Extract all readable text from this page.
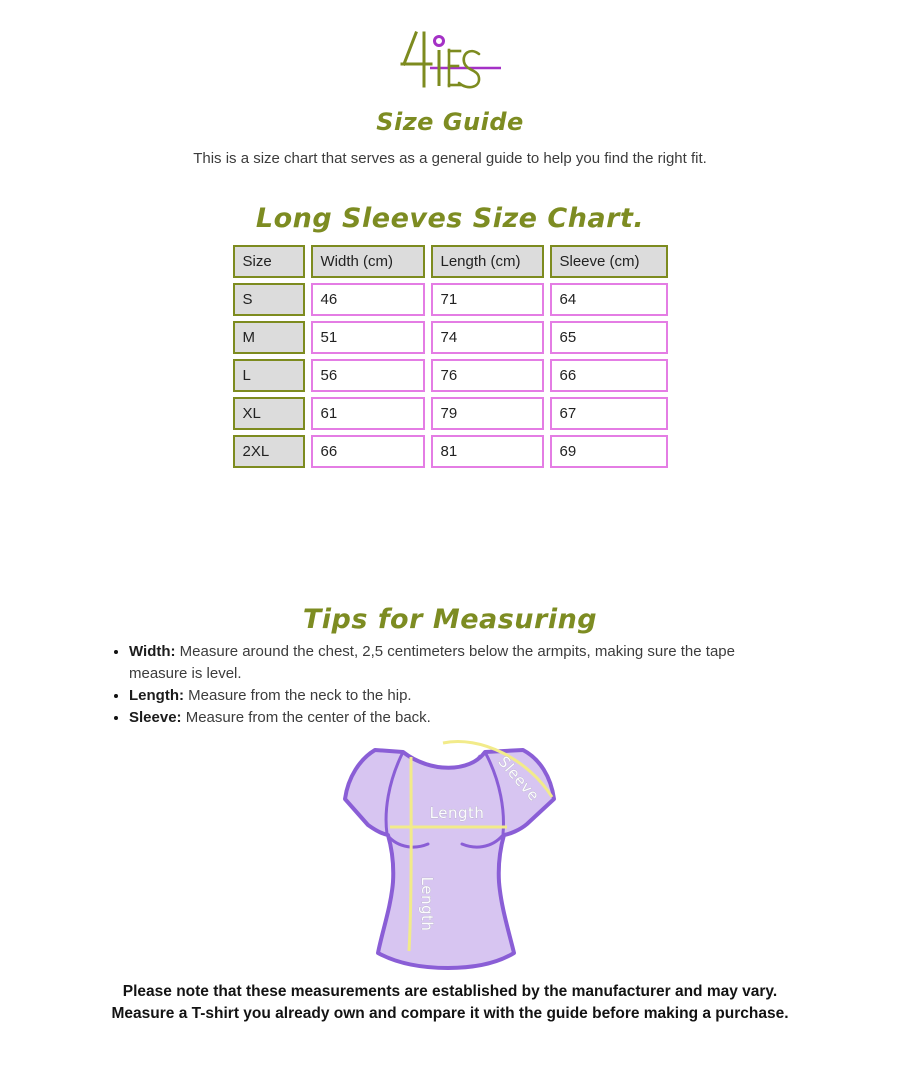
Size Guide

This is a size chart that serves as a general guide to help you find the right fit.

Long Sleeves Size Chart.
Size	Width (cm)	Length (cm)	Sleeve (cm)
S	46	71	64
M	51	74	65
L	56	76	66
XL	61	79	67
2XL	66	81	69
Tips for Measuring
• Width: Measure around the chest, 2,5 centimeters below the armpits, making sure the tape measure is level.
• Length: Measure from the neck to the hip.
• Sleeve: Measure from the center of the back.
Length
Length
Sleeve

Please note that these measurements are established by the manufacturer and may vary.
Measure a T-shirt you already own and compare it with the guide before making a purchase.
